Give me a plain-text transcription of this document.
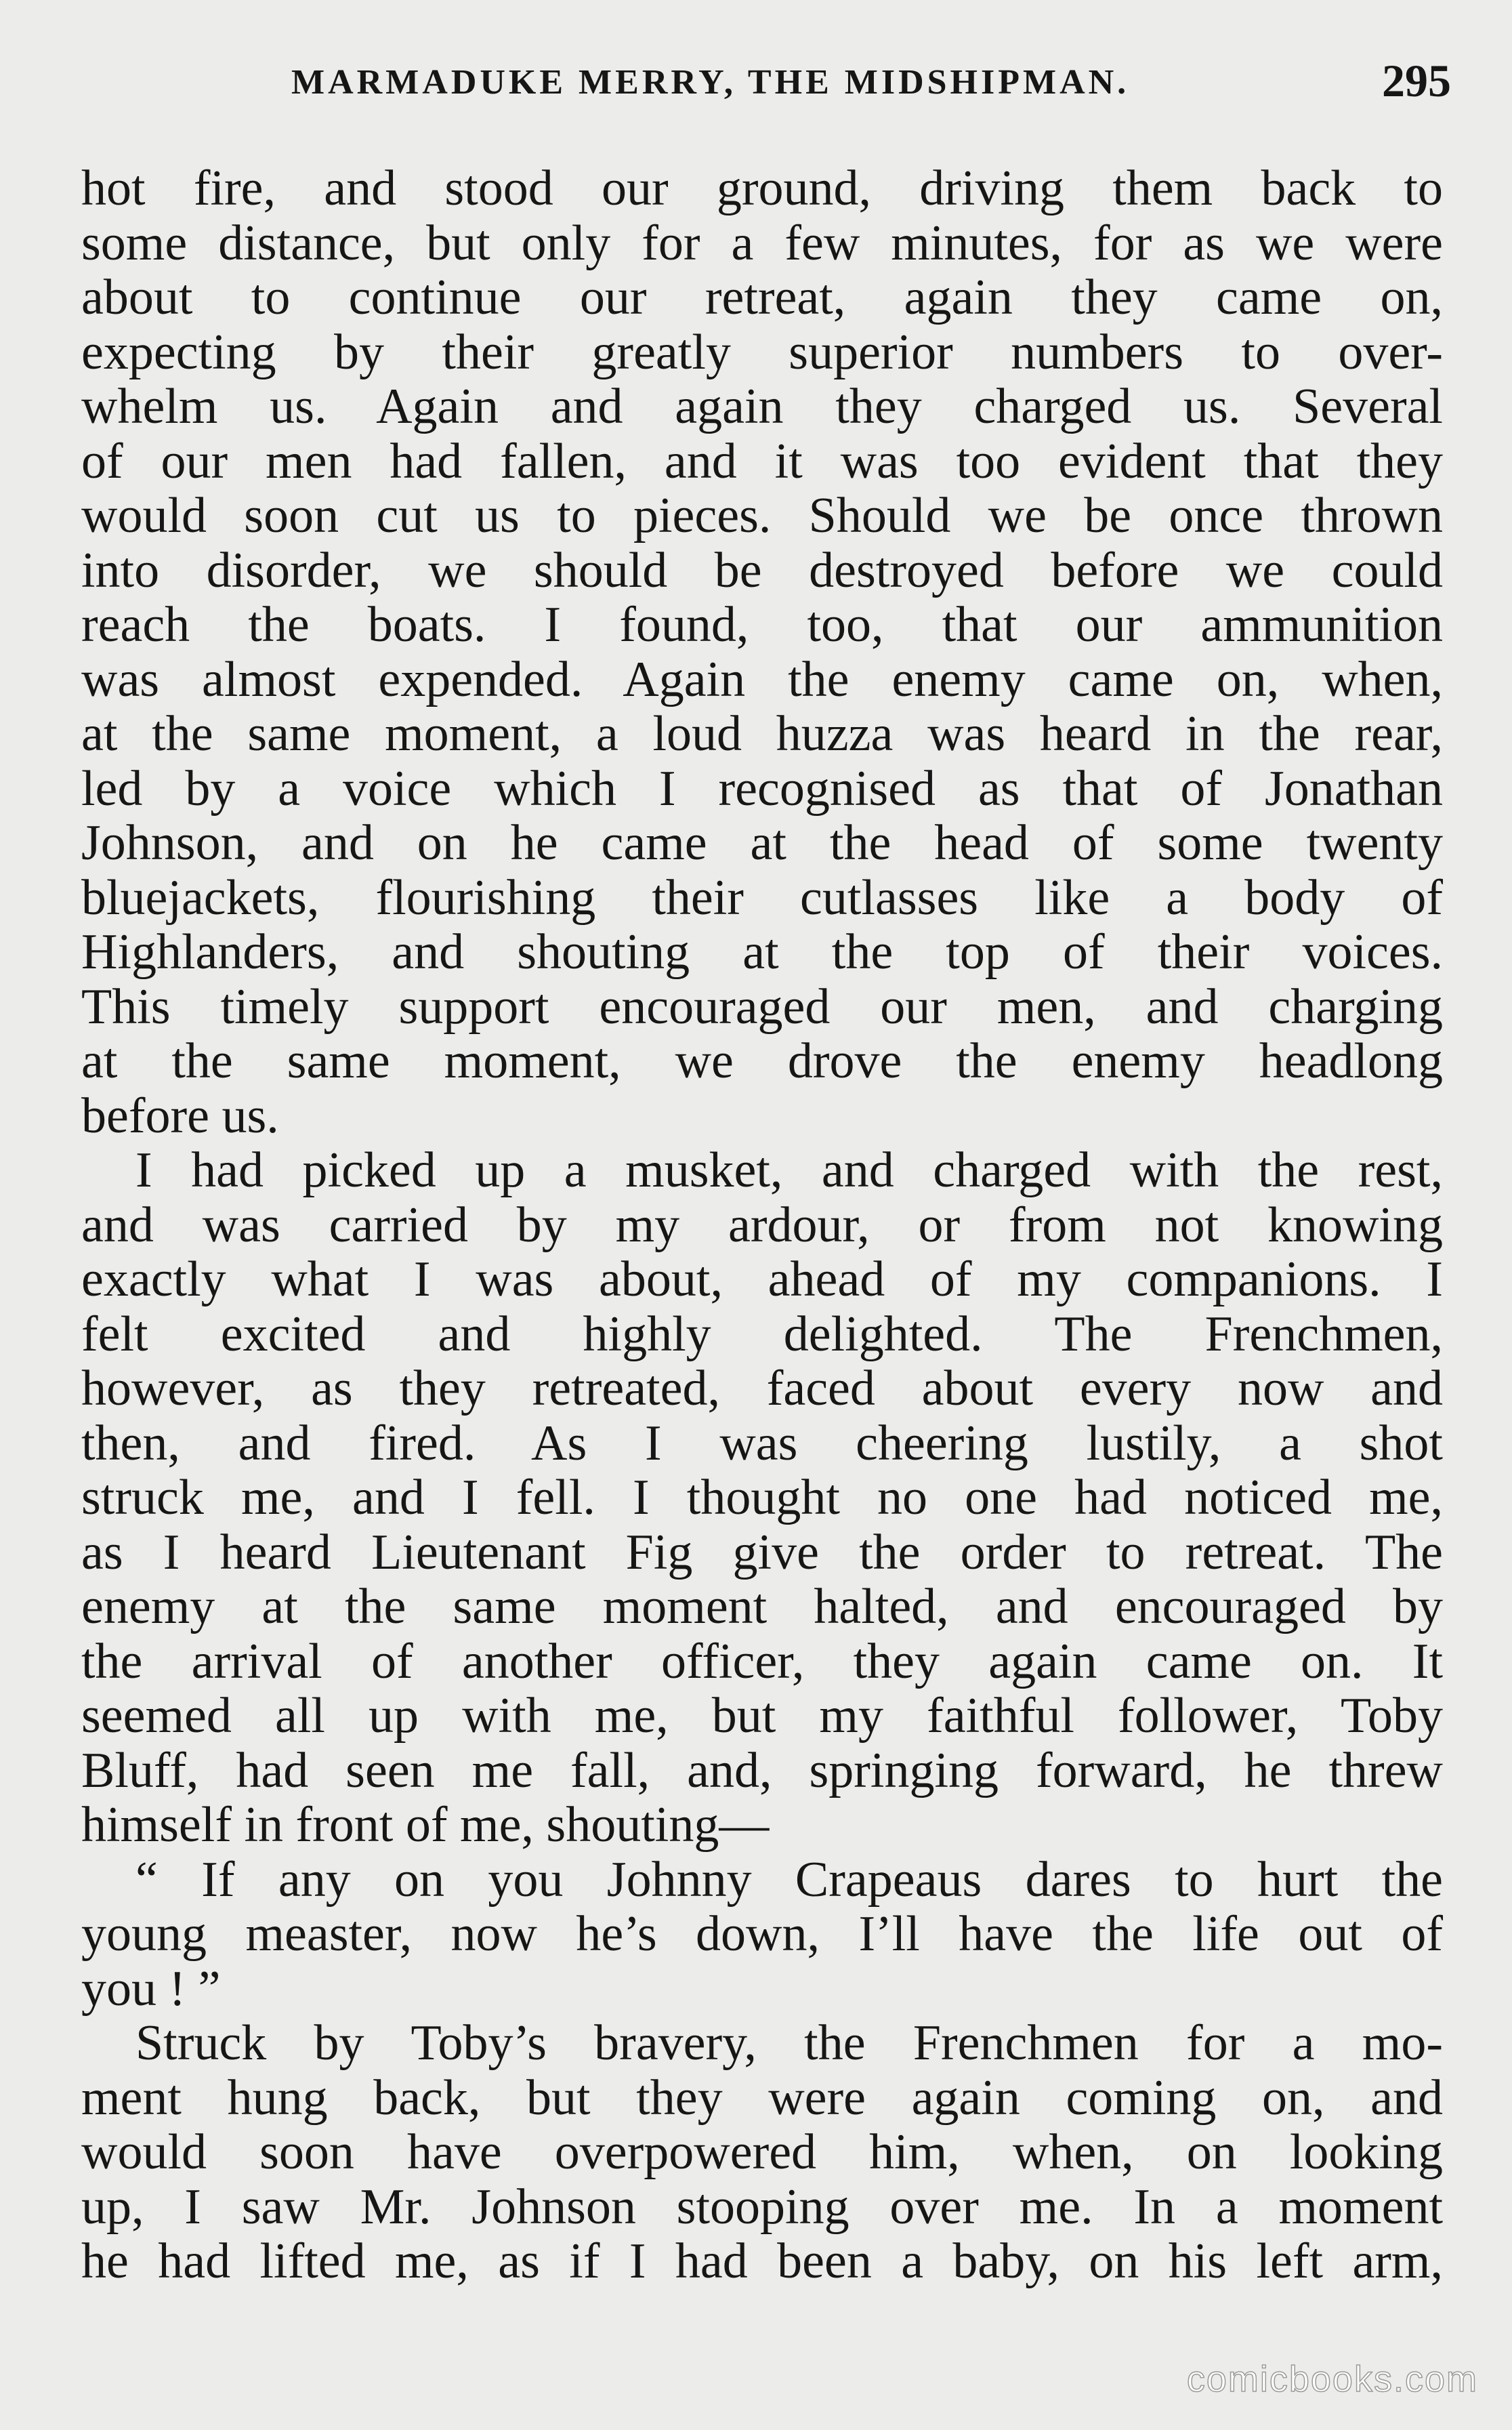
MARMADUKE MERRY, THE MIDSHIPMAN.	295
hot fire, and stood our ground, driving them back to
some distance, but only for a few minutes, for as we were
about to continue our retreat, again they came on,
expecting by their greatly superior numbers to over-
whelm us. Again and again they charged us. Several
of our men had fallen, and it was too evident that they
would soon cut us to pieces. Should we be once thrown
into disorder, we should be destroyed before we could
reach the boats. I found, too, that our ammunition
was almost expended. Again the enemy came on, when,
at the same moment, a loud huzza was heard in the rear,
led by a voice which I recognised as that of Jonathan
Johnson, and on he came at the head of some twenty
bluejackets, flourishing their cutlasses like a body of
Highlanders, and shouting at the top of their voices.
This timely support encouraged our men, and charging
at the same moment, we drove the enemy headlong
before us.
I had picked up a musket, and charged with the rest,
and was carried by my ardour, or from not knowing
exactly what I was about, ahead of my companions. I
felt excited and highly delighted. The Frenchmen,
however, as they retreated, faced about every now and
then, and fired. As I was cheering lustily, a shot
struck me, and I fell. I thought no one had noticed me,
as I heard Lieutenant Fig give the order to retreat. The
enemy at the same moment halted, and encouraged by
the arrival of another officer, they again came on. It
seemed all up with me, but my faithful follower, Toby
Bluff, had seen me fall, and, springing forward, he threw
himself in front of me, shouting—
“ If any on you Johnny Crapeaus dares to hurt the
young measter, now he’s down, I’ll have the life out of
you ! ”
Struck by Toby’s bravery, the Frenchmen for a mo-
ment hung back, but they were again coming on, and
would soon have overpowered him, when, on looking
up, I saw Mr. Johnson stooping over me. In a moment
he had lifted me, as if I had been a baby, on his left arm,
comicbooks.com
